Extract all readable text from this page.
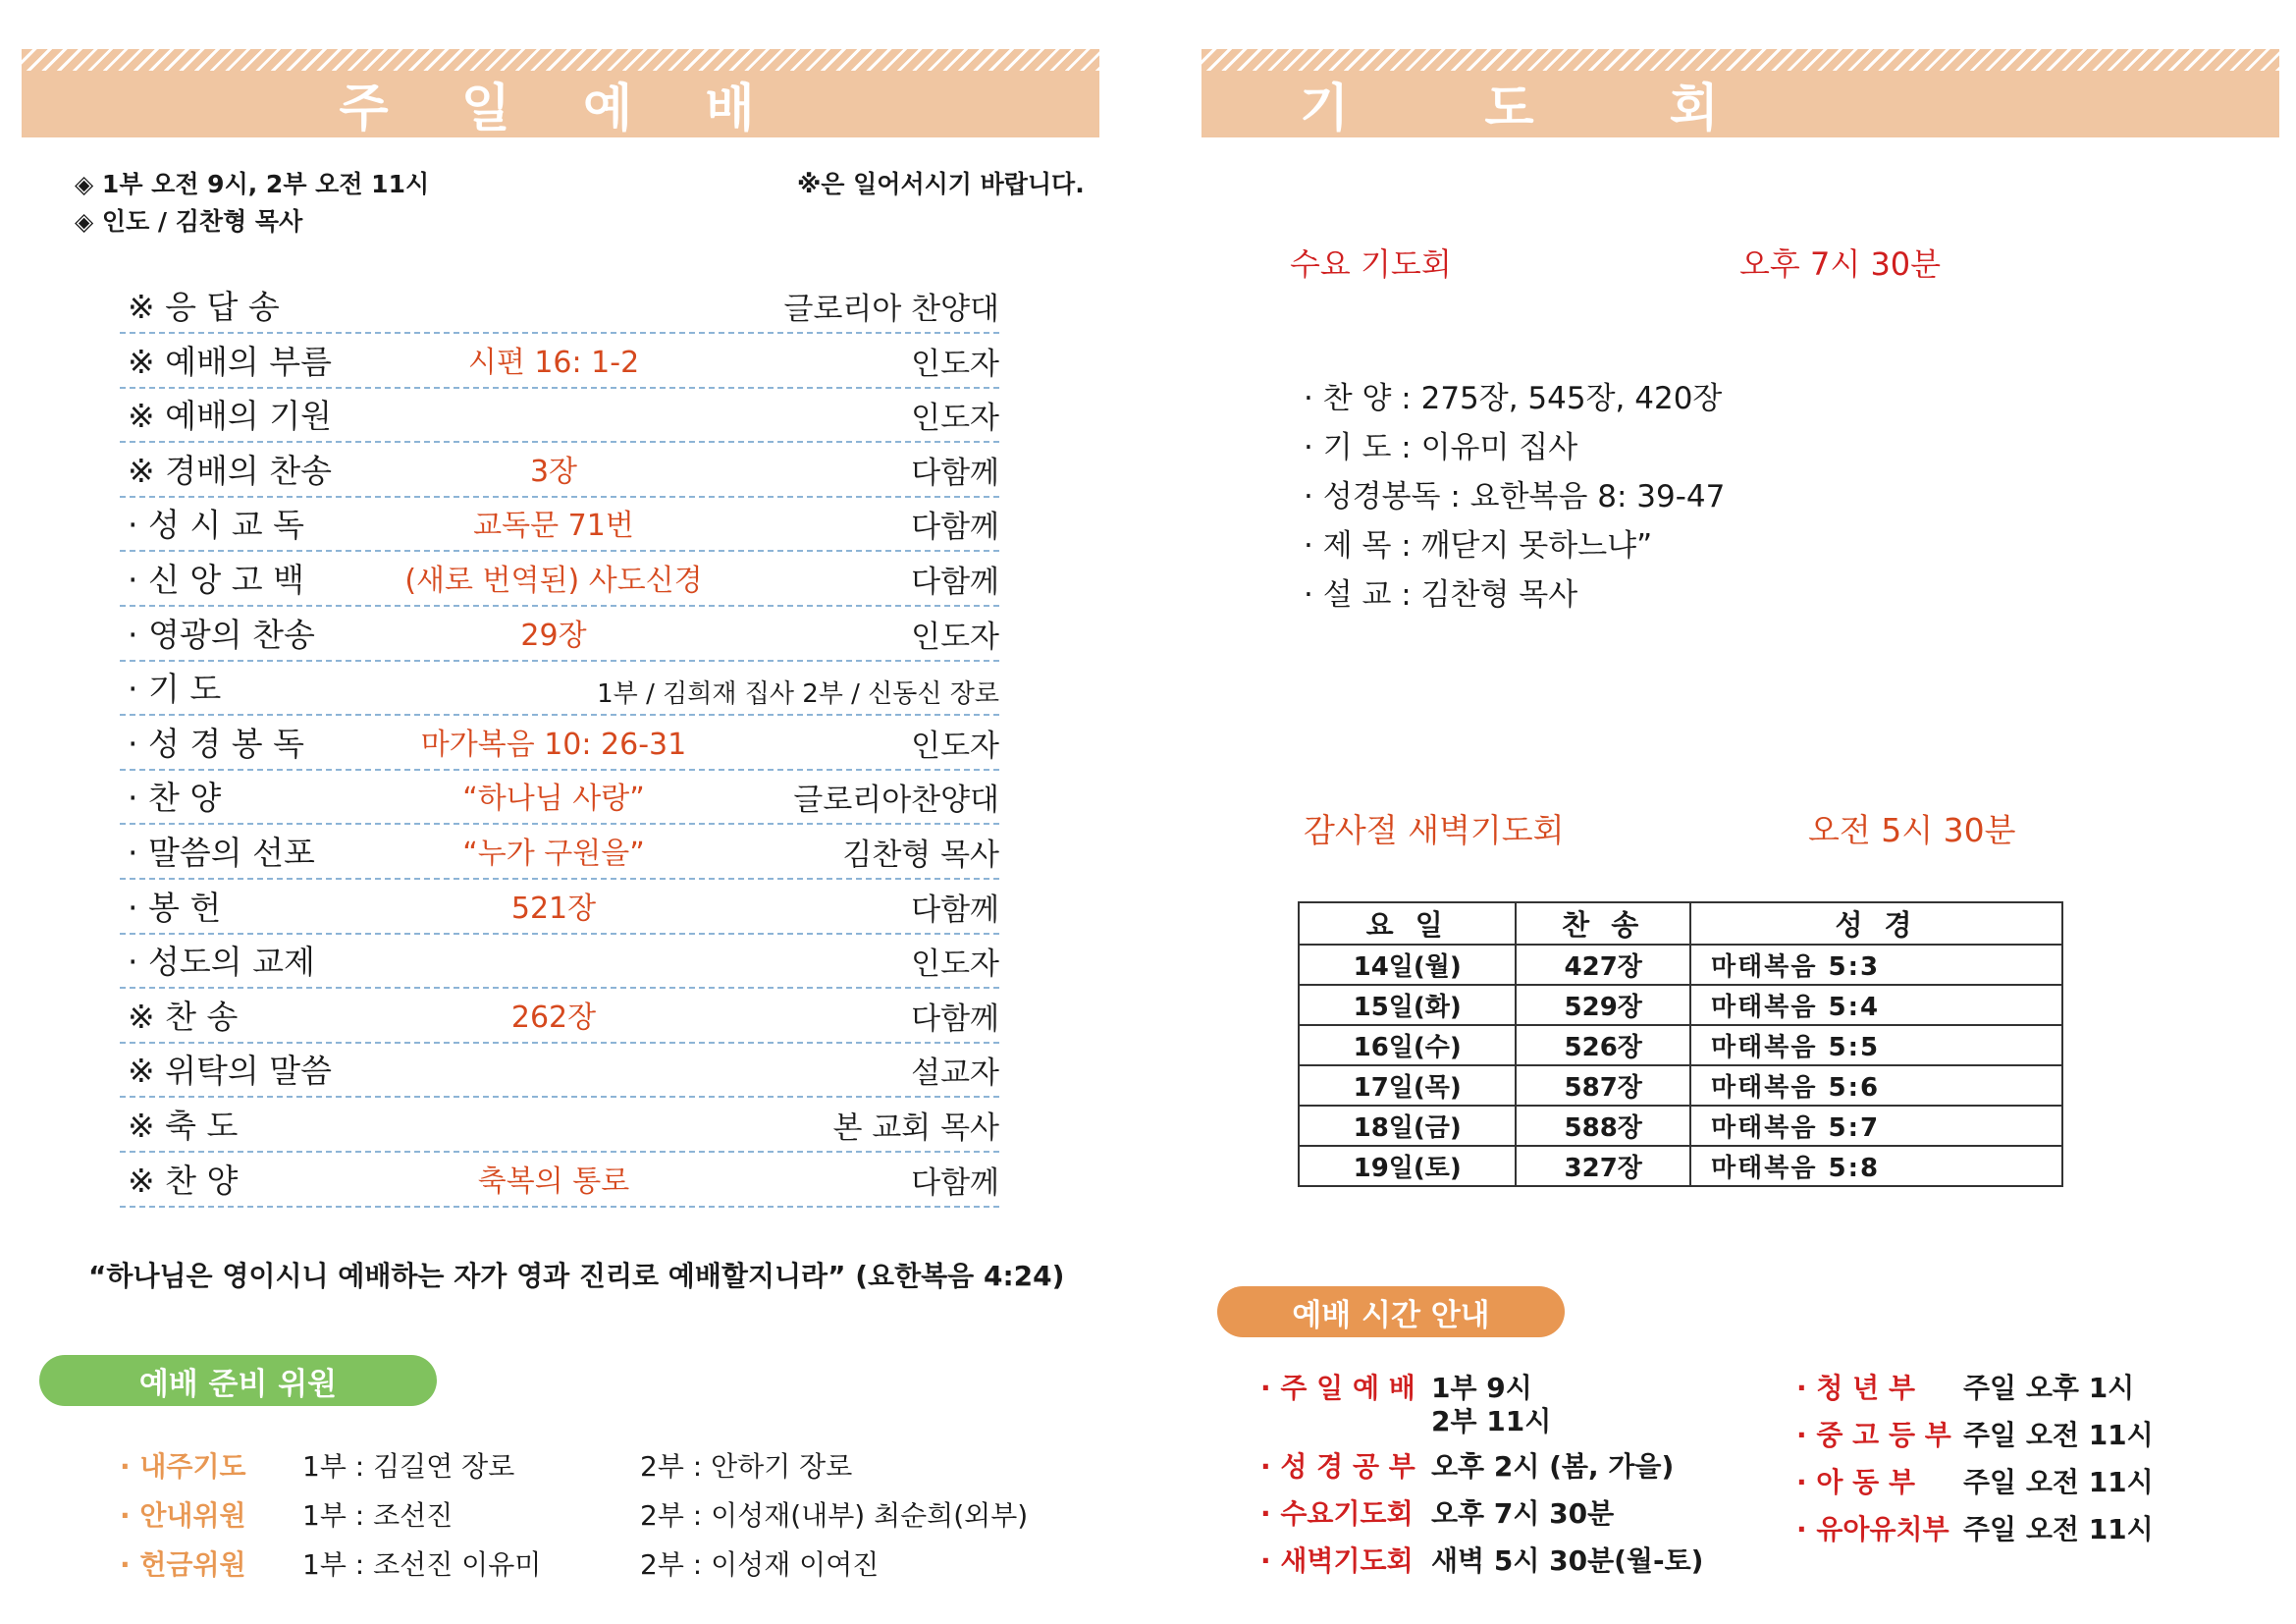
주 일 예 배
◈ 1부 오전 9시, 2부 오전 11시
◈ 인도 / 김찬형 목사
※은 일어서시기 바랍니다.
※ 응 답 송	글로리아 찬양대
※ 예배의 부름	시편 16: 1-2	인도자
※ 예배의 기원	인도자
※ 경배의 찬송	3장	다함께
· 성 시 교 독	교독문 71번	다함께
· 신 앙 고 백	(새로 번역된) 사도신경	다함께
· 영광의 찬송	29장	인도자
· 기 도	1부 / 김희재 집사 2부 / 신동신 장로
· 성 경 봉 독	마가복음 10: 26-31	인도자
· 찬 양	“하나님 사랑”	글로리아찬양대
· 말씀의 선포	“누가 구원을”	김찬형 목사
· 봉 헌	521장	다함께
· 성도의 교제	인도자
※ 찬 송	262장	다함께
※ 위탁의 말씀	설교자
※ 축 도	본 교회 목사
※ 찬 양	축복의 통로	다함께
“하나님은 영이시니 예배하는 자가 영과 진리로 예배할지니라” (요한복음 4:24)
예배 준비 위원
· 내주기도 1부 : 김길연 장로	2부 : 안하기 장로
· 안내위원 1부 : 조선진	2부 : 이성재(내부) 최순희(외부)
· 헌금위원 1부 : 조선진 이유미	2부 : 이성재 이여진
기 도 회
수요 기도회	오후 7시 30분
· 찬 양 : 275장, 545장, 420장
· 기 도 : 이유미 집사
· 성경봉독 : 요한복음 8: 39-47
· 제 목 : 깨닫지 못하느냐”
· 설 교 : 김찬형 목사
감사절 새벽기도회	오전 5시 30분
요 일	찬 송	성 경
14일(월)	427장	마태복음 5:3
15일(화)	529장	마태복음 5:4
16일(수)	526장	마태복음 5:5
17일(목)	587장	마태복음 5:6
18일(금)	588장	마태복음 5:7
19일(토)	327장	마태복음 5:8
예배 시간 안내
· 주 일 예 배 1부 9시
2부 11시
· 성 경 공 부 오후 2시 (봄, 가을)
· 수요기도회 오후 7시 30분
· 새벽기도회 새벽 5시 30분(월-토)
· 청 년 부 주일 오후 1시
· 중 고 등 부 주일 오전 11시
· 아 동 부 주일 오전 11시
· 유아유치부 주일 오전 11시
